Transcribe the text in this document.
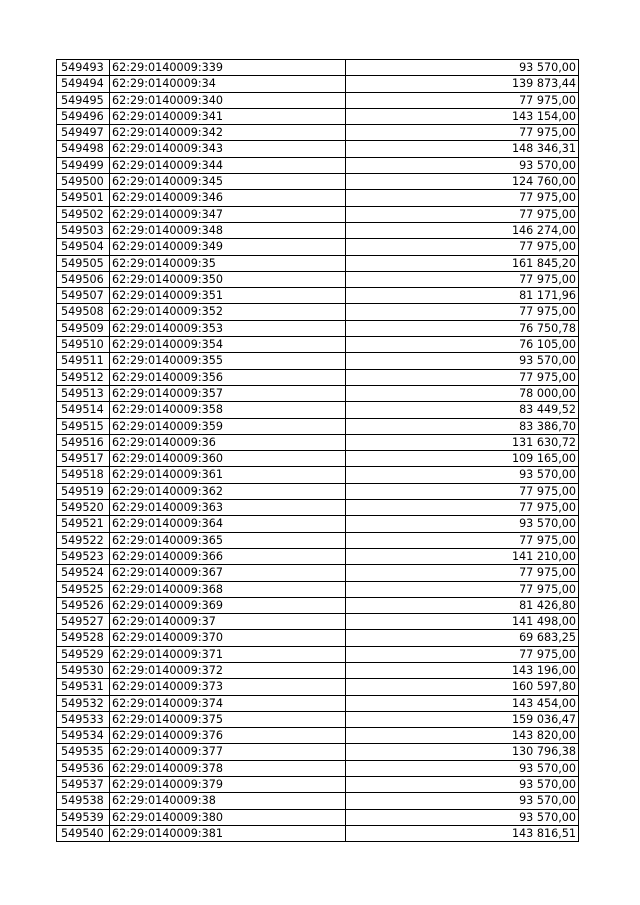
549493	62:29:0140009:339	93 570,00
549494	62:29:0140009:34	139 873,44
549495	62:29:0140009:340	77 975,00
549496	62:29:0140009:341	143 154,00
549497	62:29:0140009:342	77 975,00
549498	62:29:0140009:343	148 346,31
549499	62:29:0140009:344	93 570,00
549500	62:29:0140009:345	124 760,00
549501	62:29:0140009:346	77 975,00
549502	62:29:0140009:347	77 975,00
549503	62:29:0140009:348	146 274,00
549504	62:29:0140009:349	77 975,00
549505	62:29:0140009:35	161 845,20
549506	62:29:0140009:350	77 975,00
549507	62:29:0140009:351	81 171,96
549508	62:29:0140009:352	77 975,00
549509	62:29:0140009:353	76 750,78
549510	62:29:0140009:354	76 105,00
549511	62:29:0140009:355	93 570,00
549512	62:29:0140009:356	77 975,00
549513	62:29:0140009:357	78 000,00
549514	62:29:0140009:358	83 449,52
549515	62:29:0140009:359	83 386,70
549516	62:29:0140009:36	131 630,72
549517	62:29:0140009:360	109 165,00
549518	62:29:0140009:361	93 570,00
549519	62:29:0140009:362	77 975,00
549520	62:29:0140009:363	77 975,00
549521	62:29:0140009:364	93 570,00
549522	62:29:0140009:365	77 975,00
549523	62:29:0140009:366	141 210,00
549524	62:29:0140009:367	77 975,00
549525	62:29:0140009:368	77 975,00
549526	62:29:0140009:369	81 426,80
549527	62:29:0140009:37	141 498,00
549528	62:29:0140009:370	69 683,25
549529	62:29:0140009:371	77 975,00
549530	62:29:0140009:372	143 196,00
549531	62:29:0140009:373	160 597,80
549532	62:29:0140009:374	143 454,00
549533	62:29:0140009:375	159 036,47
549534	62:29:0140009:376	143 820,00
549535	62:29:0140009:377	130 796,38
549536	62:29:0140009:378	93 570,00
549537	62:29:0140009:379	93 570,00
549538	62:29:0140009:38	93 570,00
549539	62:29:0140009:380	93 570,00
549540	62:29:0140009:381	143 816,51
